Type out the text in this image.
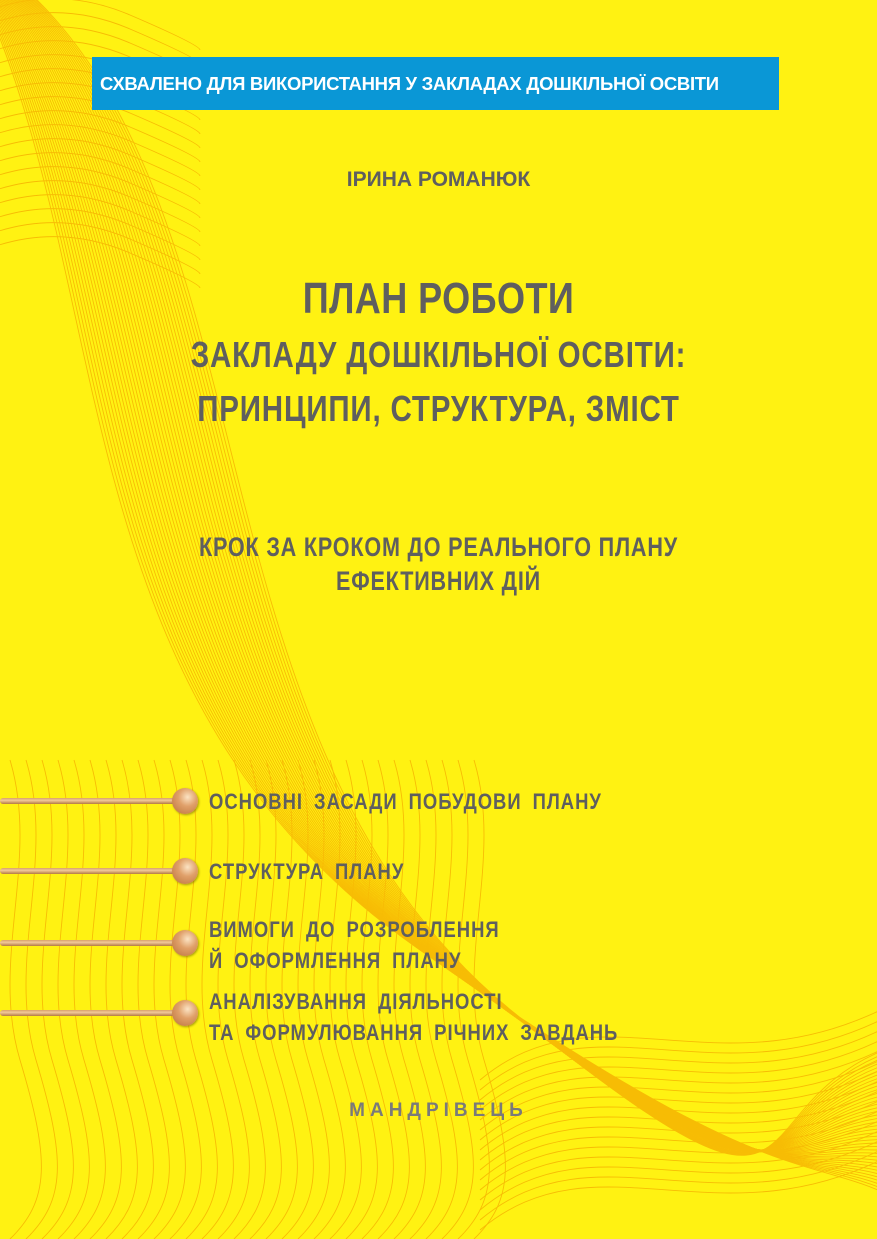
СХВАЛЕНО ДЛЯ ВИКОРИСТАННЯ У ЗАКЛАДАХ ДОШКІЛЬНОЇ ОСВІТИ
ІРИНА РОМАНЮК
ПЛАН РОБОТИ
ЗАКЛАДУ ДОШКІЛЬНОЇ ОСВІТИ:
ПРИНЦИПИ, СТРУКТУРА, ЗМІСТ
КРОК ЗА КРОКОМ ДО РЕАЛЬНОГО ПЛАНУ
ЕФЕКТИВНИХ ДІЙ
ОСНОВНІ ЗАСАДИ ПОБУДОВИ ПЛАНУ
СТРУКТУРА ПЛАНУ
ВИМОГИ ДО РОЗРОБЛЕННЯ
Й ОФОРМЛЕННЯ ПЛАНУ
АНАЛІЗУВАННЯ ДІЯЛЬНОСТІ
ТА ФОРМУЛЮВАННЯ РІЧНИХ ЗАВДАНЬ
МАНДРІВЕЦЬ
